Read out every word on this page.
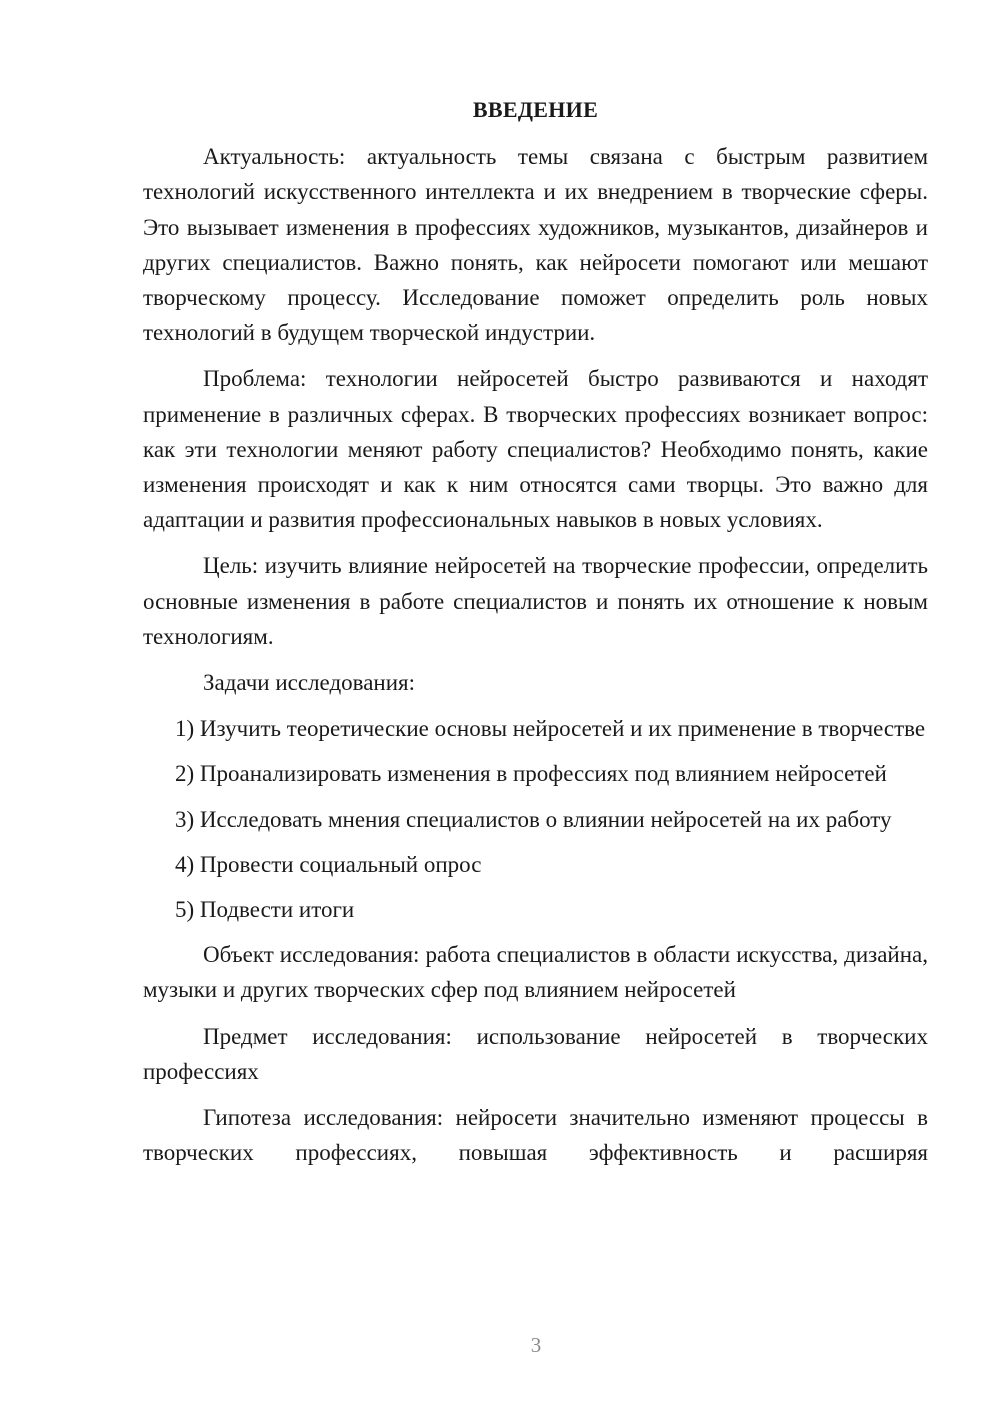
ВВЕДЕНИЕ

Актуальность: актуальность темы связана с быстрым развитием технологий искусственного интеллекта и их внедрением в творческие сферы. Это вызывает изменения в профессиях художников, музыкантов, дизайнеров и других специалистов. Важно понять, как нейросети помогают или мешают творческому процессу. Исследование поможет определить роль новых технологий в будущем творческой индустрии.

Проблема: технологии нейросетей быстро развиваются и находят применение в различных сферах. В творческих профессиях возникает вопрос: как эти технологии меняют работу специалистов? Необходимо понять, какие изменения происходят и как к ним относятся сами творцы. Это важно для адаптации и развития профессиональных навыков в новых условиях.

Цель: изучить влияние нейросетей на творческие профессии, определить основные изменения в работе специалистов и понять их отношение к новым технологиям.

Задачи исследования:

1) Изучить теоретические основы нейросетей и их применение в творчестве

2) Проанализировать изменения в профессиях под влиянием нейросетей

3) Исследовать мнения специалистов о влиянии нейросетей на их работу

4) Провести социальный опрос

5) Подвести итоги

Объект исследования: работа специалистов в области искусства, дизайна, музыки и других творческих сфер под влиянием нейросетей

Предмет исследования: использование нейросетей в творческих профессиях

Гипотеза исследования: нейросети значительно изменяют процессы в творческих профессиях, повышая эффективность и расширяя

3
